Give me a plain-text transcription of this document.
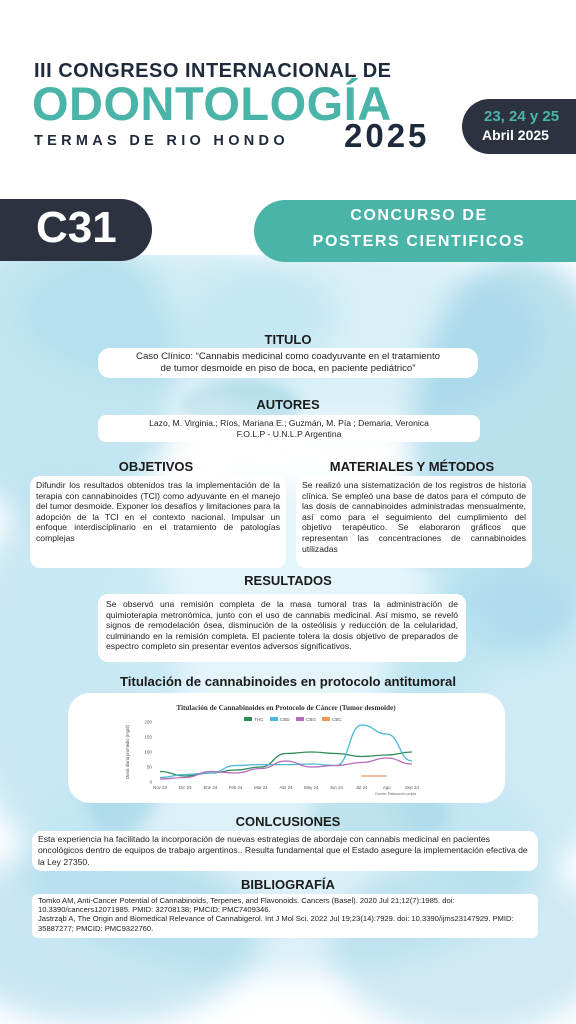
III CONGRESO INTERNACIONAL DE
ODONTOLOGÍA
TERMAS DE RIO HONDO 2025
23, 24 y 25
Abril 2025
C31	CONCURSO DE
POSTERS CIENTIFICOS
TITULO
Caso Clínico: “Cannabis medicinal como coadyuvante en el tratamiento
de tumor desmoide en piso de boca, en paciente pediátrico”
AUTORES
Lazo, M. Virginia.; Ríos, Mariana E.; Guzmán, M. Pía ; Demaria, Veronica
F.O.L.P - U.N.L.P Argentina
OBJETIVOS
Difundir los resultados obtenidos tras la implementación de la terapia con cannabinoides (TCI) como adyuvante en el manejo del tumor desmoide. Exponer los desafíos y limitaciones para la adopción de la TCI en el contexto nacional. Impulsar un enfoque interdisciplinario en el tratamiento de patologías complejas
MATERIALES Y MÉTODOS
Se realizó una sistematización de los registros de historia clínica. Se empleó una base de datos para el cómputo de las dosis de cannabinoides administradas mensualmente, así como para el seguimiento del cumplimiento del objetivo terapéutico. Se elaboraron gráficos que representan las concentraciones de cannabinoides utilizadas
RESULTADOS
Se observó una remisión completa de la masa tumoral tras la administración de quimioterapia metronómica, junto con el uso de cannabis medicinal. Así mismo, se reveló signos de remodelación ósea, disminución de la osteólisis y reducción de la celularidad, culminando en la remisión completa. El paciente tolera la dosis objetivo de preparados de espectro completo sin presentar eventos adversos significativos.
Titulación de cannabinoides en protocolo antitumoral
Titulación de Cannabinoides en Protocolo de Cáncer (Tumor desmoide)
THC	CBD	CBG	CBC
Dosis diaria promedio (mg/d)
0
50
100
150
200
Nov 23	Dic 23	Ene 24	Feb 24	Mar 24	Abr 24	May 24	Jun 24	Jul 24	Ago	Sep 24
Fuente: Elaboración propia
CONLCUSIONES
Esta experiencia ha facilitado la incorporación de nuevas estrategias de abordaje con cannabis medicinal en pacientes oncológicos dentro de equipos de trabajo argentinos.. Resulta fundamental que el Estado asegure la implementación efectiva de la Ley 27350.
BIBLIOGRAFÍA
Tomko AM, Anti-Cancer Potential of Cannabinoids, Terpenes, and Flavonoids. Cancers (Basel). 2020 Jul 21;12(7):1985. doi: 10.3390/cancers12071985. PMID: 32708138; PMCID: PMC7409346.
Jastrząb A, The Origin and Biomedical Relevance of Cannabigerol. Int J Mol Sci. 2022 Jul 19;23(14):7929. doi: 10.3390/ijms23147929. PMID: 35887277; PMCID: PMC9322760.
